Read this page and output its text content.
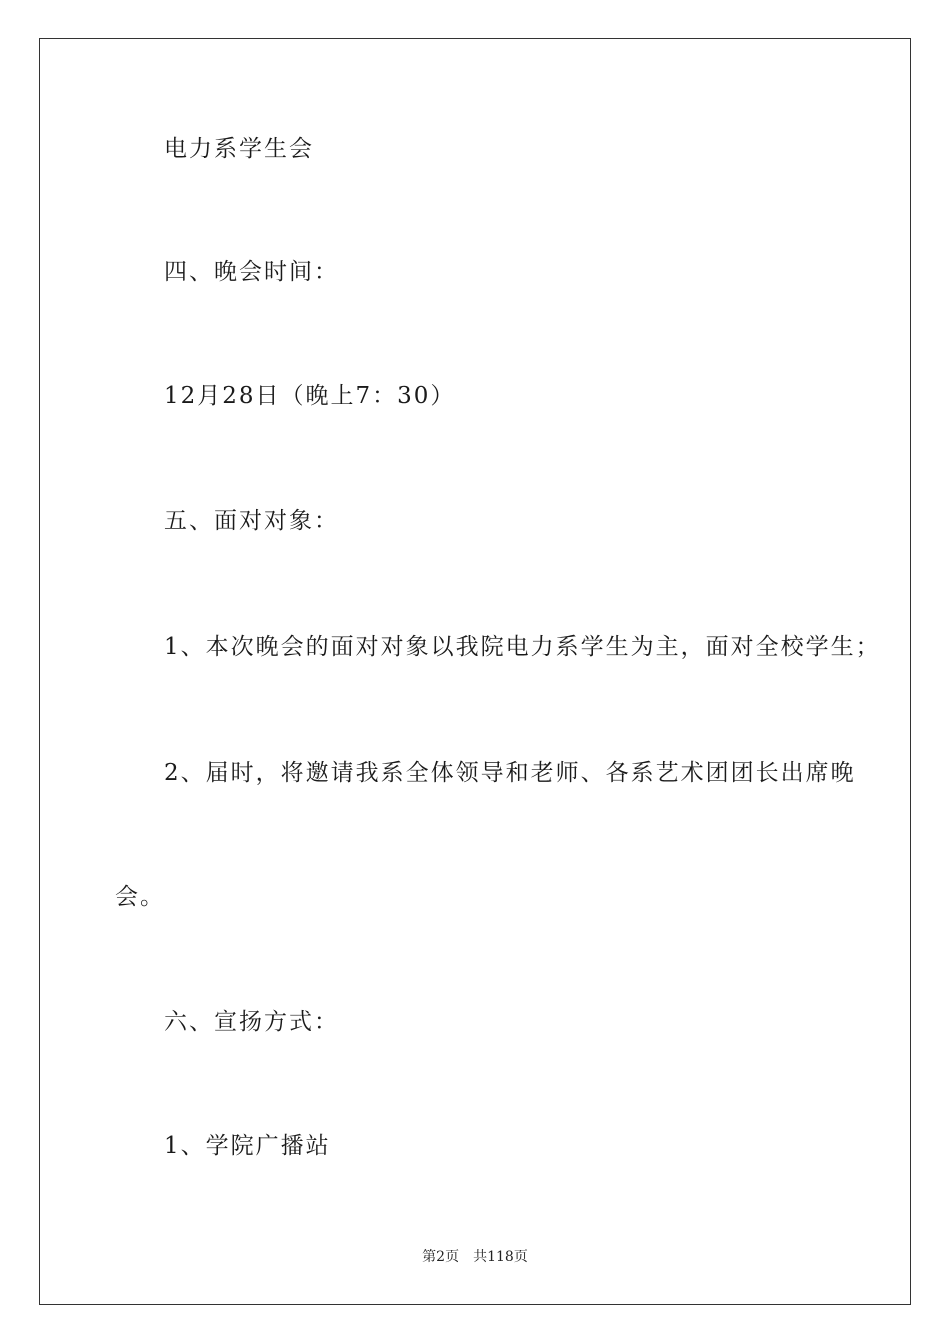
电力系学生会
四、晚会时间：
12月28日（晚上7：30）
五、面对对象：
1、本次晚会的面对对象以我院电力系学生为主，面对全校学生；
2、届时，将邀请我系全体领导和老师、各系艺术团团长出席晚
会。
六、宣扬方式：
1、学院广播站
第2页 共118页
